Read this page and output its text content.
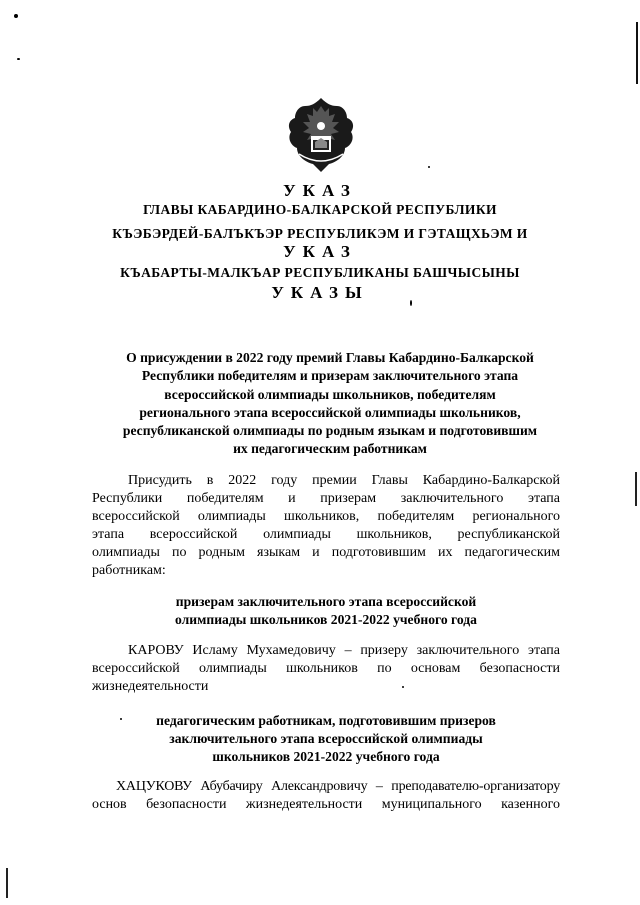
УКАЗ
ГЛАВЫ КАБАРДИНО-БАЛКАРСКОЙ РЕСПУБЛИКИ
КЪЭБЭРДЕЙ-БАЛЪКЪЭР РЕСПУБЛИКЭМ И ГЭТАЩХЬЭМ И
УКАЗ
КЪАБАРТЫ-МАЛКЪАР РЕСПУБЛИКАНЫ БАШЧЫСЫНЫ
УКАЗЫ
О присуждении в 2022 году премий Главы Кабардино-Балкарской
Республики победителям и призерам заключительного этапа
всероссийской олимпиады школьников, победителям
регионального этапа всероссийской олимпиады школьников,
республиканской олимпиады по родным языкам и подготовившим
их педагогическим работникам
Присудить в 2022 году премии Главы Кабардино-Балкарской
Республики победителям и призерам заключительного этапа
всероссийской олимпиады школьников, победителям регионального
этапа всероссийской олимпиады школьников, республиканской
олимпиады по родным языкам и подготовившим их педагогическим
работникам:
призерам заключительного этапа всероссийской
олимпиады школьников 2021-2022 учебного года
КАРОВУ Исламу Мухамедовичу – призеру заключительного этапа
всероссийской олимпиады школьников по основам безопасности
жизнедеятельности
педагогическим работникам, подготовившим призеров
заключительного этапа всероссийской олимпиады
школьников 2021-2022 учебного года
ХАЦУКОВУ Абубачиру Александровичу – преподавателю-организатору
основ безопасности жизнедеятельности муниципального казенного
